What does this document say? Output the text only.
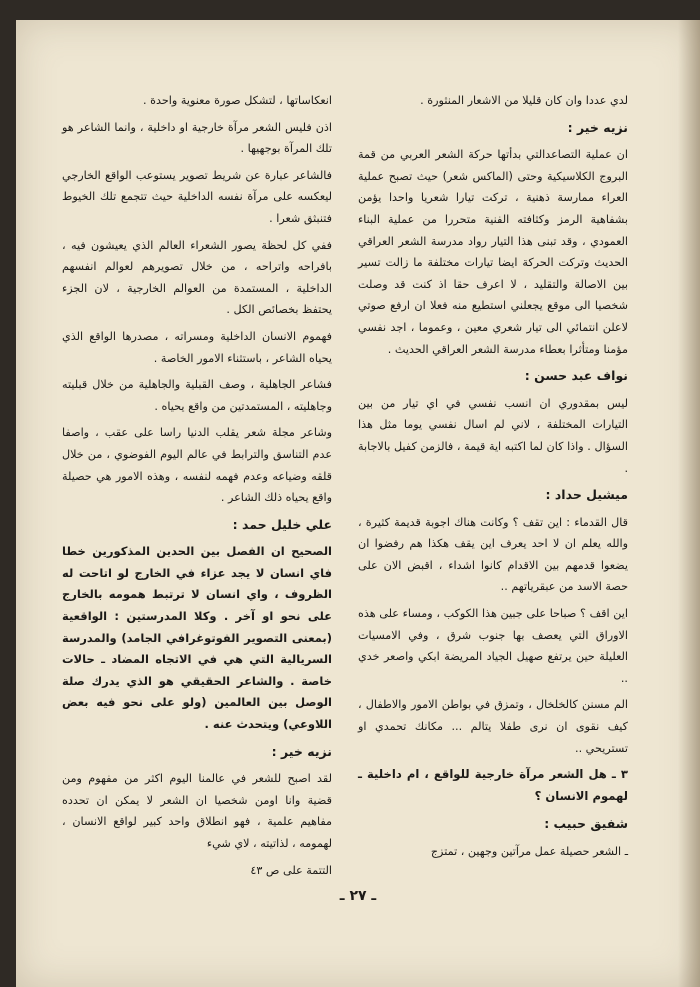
لدي عددا وان كان قليلا من الاشعار المنثورة .

نزيه خير :

ان عملية التصاعدالتي بدأتها حركة الشعر العربي من قمة البروج الكلاسيكية وحتى (الماكس شعر) حيث تصبح عملية العراء ممارسة ذهنية ، تركت تيارا شعريا واحدا يؤمن بشفاهية الرمز وكثافته الفنية متحررا من عملية البناء العمودي ، وقد تبنى هذا التيار رواد مدرسة الشعر العراقي الحديث وتركت الحركة ايضا تيارات مختلفة ما زالت تسير بين الاصالة والتقليد ، لا اعرف حقا اذ كنت قد وصلت شخصيا الى موقع يجعلني استطيع منه فعلا ان ارفع صوتي لاعلن انتمائي الى تيار شعري معين ، وعموما ، اجد نفسي مؤمنا ومتأثرا بعطاء مدرسة الشعر العراقي الحديث .

نواف عبد حسن :

ليس بمقدوري ان انسب نفسي في اي تيار من بين التيارات المختلفة ، لاني لم اسال نفسي يوما مثل هذا السؤال . واذا كان لما اكتبه اية قيمة ، فالزمن كفيل بالاجابة .

ميشيل حداد :

قال القدماء : اين تقف ؟ وكانت هناك اجوبة قديمة كثيرة ، والله يعلم ان لا احد يعرف اين يقف هكذا هم رفضوا ان يضعوا قدمهم بين الاقدام كانوا اشداء ، اقبض الان على حصة الاسد من عبقرياتهم ..

اين اقف ؟ صباحا على جبين هذا الكوكب ، ومساء على هذه الاوراق التي يعصف بها جنوب شرق ، وفي الامسيات العليلة حين يرتفع صهيل الجياد المريضة ابكي واصعر خدي ..

الم مسنن كالخلخال ، وتمزق في بواطن الامور والاطفال ، كيف نقوى ان نرى طفلا يتالم ... مكانك تحمدي او تستريحي ..

٣ ـ هل الشعر مرآة خارجية للواقع ، ام داخلية ـ لهموم الانسان ؟

شفيق حبيب :

ـ الشعر حصيلة عمل مرآتين وجهين ، تمتزج

انعكاساتها ، لتشكل صورة معنوية واحدة .

اذن فليس الشعر مرآة خارجية او داخلية ، وانما الشاعر هو تلك المرآة بوجهيها .

فالشاعر عبارة عن شريط تصوير يستوعب الواقع الخارجي ليعكسه على مرآة نفسه الداخلية حيث تتجمع تلك الخيوط فتنبثق شعرا .

ففي كل لحظة يصور الشعراء العالم الذي يعيشون فيه ، بافراحه واتراحه ، من خلال تصويرهم لعوالم انفسهم الداخلية ، المستمدة من العوالم الخارجية ، لان الجزء يحتفظ بخصائص الكل .

فهموم الانسان الداخلية ومسراته ، مصدرها الواقع الذي يحياه الشاعر ، باستثناء الامور الخاصة .

فشاعر الجاهلية ، وصف القبلية والجاهلية من خلال قبليته وجاهليته ، المستمدتين من واقع يحياه .

وشاعر مجلة شعر يقلب الدنيا راسا على عقب ، واصفا عدم التناسق والترابط في عالم اليوم الفوضوي ، من خلال قلقه وضياعه وعدم فهمه لنفسه ، وهذه الامور هي حصيلة واقع يحياه ذلك الشاعر .

علي خليل حمد :

الصحيح ان الفصل بين الحدين المذكورين خطا فاي انسان لا يجد عزاء في الخارج لو اتاحت له الظروف ، واي انسان لا ترتبط همومه بالخارج على نحو او آخر . وكلا المدرستين : الواقعية (بمعنى التصوير الفوتوغرافي الجامد) والمدرسة السريالية التي هي في الاتجاه المضاد ـ حالات خاصة . والشاعر الحقيقي هو الذي يدرك صلة الوصل بين العالمين (ولو على نحو فيه بعض اللاوعي) ويتحدث عنه .

نزيه خير :

لقد اصبح للشعر في عالمنا اليوم اكثر من مفهوم ومن قضية وانا اومن شخصيا ان الشعر لا يمكن ان تحدده مفاهيم علمية ، فهو انطلاق واحد كبير لواقع الانسان ، لهمومه ، لذاتيته ، لاي شيء

التتمة على ص ٤٣

ـ ٢٧ ـ
